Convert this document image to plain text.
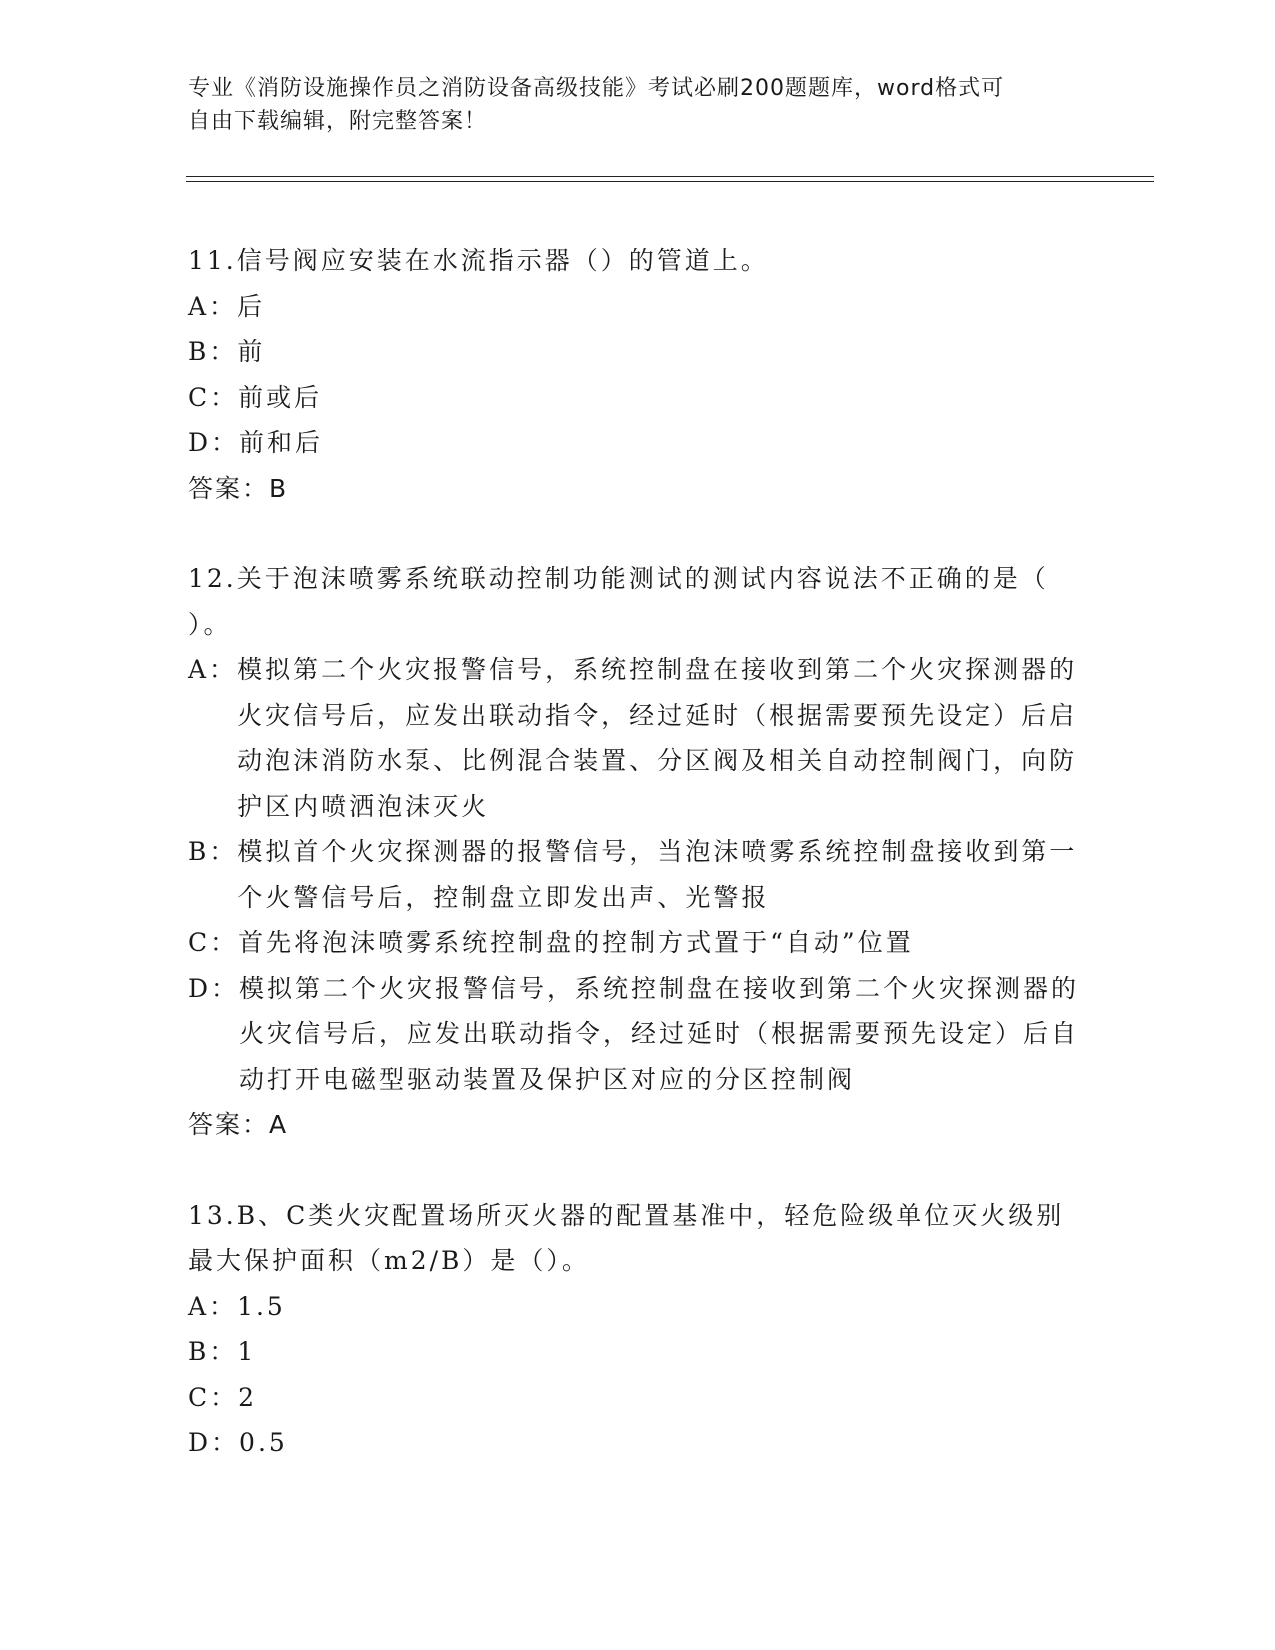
专业《消防设施操作员之消防设备高级技能》考试必刷200题题库，word格式可
自由下载编辑，附完整答案！
11.信号阀应安装在水流指示器（）的管道上。
A： 后
B： 前
C： 前或后
D： 前和后
答案：B
12.关于泡沫喷雾系统联动控制功能测试的测试内容说法不正确的是（
）。
A： 模拟第二个火灾报警信号，系统控制盘在接收到第二个火灾探测器的火灾信号后，应发出联动指令，经过延时（根据需要预先设定）后启动泡沫消防水泵、比例混合装置、分区阀及相关自动控制阀门，向防护区内喷洒泡沫灭火
B： 模拟首个火灾探测器的报警信号，当泡沫喷雾系统控制盘接收到第一个火警信号后，控制盘立即发出声、光警报
C： 首先将泡沫喷雾系统控制盘的控制方式置于“自动”位置
D： 模拟第二个火灾报警信号，系统控制盘在接收到第二个火灾探测器的火灾信号后，应发出联动指令，经过延时（根据需要预先设定）后自动打开电磁型驱动装置及保护区对应的分区控制阀
答案：A
13.B、C类火灾配置场所灭火器的配置基准中，轻危险级单位灭火级别最大保护面积（m2/B）是（）。
A： 1.5
B： 1
C： 2
D： 0.5
